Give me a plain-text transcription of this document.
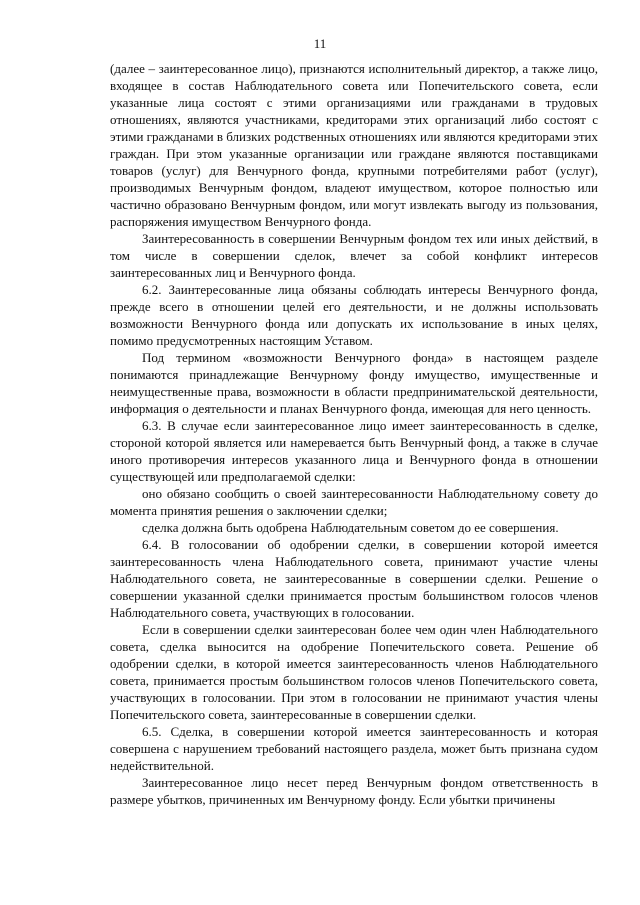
11

(далее – заинтересованное лицо), признаются исполнительный директор, а также лицо, входящее в состав Наблюдательного совета или Попечительского совета, если указанные лица состоят с этими организациями или гражданами в трудовых отношениях, являются участниками, кредиторами этих организаций либо состоят с этими гражданами в близких родственных отношениях или являются кредиторами этих граждан. При этом указанные организации или граждане являются поставщиками товаров (услуг) для Венчурного фонда, крупными потребителями работ (услуг), производимых Венчурным фондом, владеют имуществом, которое полностью или частично образовано Венчурным фондом, или могут извлекать выгоду из пользования, распоряжения имуществом Венчурного фонда.

Заинтересованность в совершении Венчурным фондом тех или иных действий, в том числе в совершении сделок, влечет за собой конфликт интересов заинтересованных лиц и Венчурного фонда.

6.2. Заинтересованные лица обязаны соблюдать интересы Венчурного фонда, прежде всего в отношении целей его деятельности, и не должны использовать возможности Венчурного фонда или допускать их использование в иных целях, помимо предусмотренных настоящим Уставом.

Под термином «возможности Венчурного фонда» в настоящем разделе понимаются принадлежащие Венчурному фонду имущество, имущественные и неимущественные права, возможности в области предпринимательской деятельности, информация о деятельности и планах Венчурного фонда, имеющая для него ценность.

6.3. В случае если заинтересованное лицо имеет заинтересованность в сделке, стороной которой является или намеревается быть Венчурный фонд, а также в случае иного противоречия интересов указанного лица и Венчурного фонда в отношении существующей или предполагаемой сделки:

оно обязано сообщить о своей заинтересованности Наблюдательному совету до момента принятия решения о заключении сделки;

сделка должна быть одобрена Наблюдательным советом до ее совершения.

6.4. В голосовании об одобрении сделки, в совершении которой имеется заинтересованность члена Наблюдательного совета, принимают участие члены Наблюдательного совета, не заинтересованные в совершении сделки. Решение о совершении указанной сделки принимается простым большинством голосов членов Наблюдательного совета, участвующих в голосовании.

Если в совершении сделки заинтересован более чем один член Наблюдательного совета, сделка выносится на одобрение Попечительского совета. Решение об одобрении сделки, в которой имеется заинтересованность членов Наблюдательного совета, принимается простым большинством голосов членов Попечительского совета, участвующих в голосовании. При этом в голосовании не принимают участия члены Попечительского совета, заинтересованные в совершении сделки.

6.5. Сделка, в совершении которой имеется заинтересованность и которая совершена с нарушением требований настоящего раздела, может быть признана судом недействительной.

Заинтересованное лицо несет перед Венчурным фондом ответственность в размере убытков, причиненных им Венчурному фонду. Если убытки причинены
